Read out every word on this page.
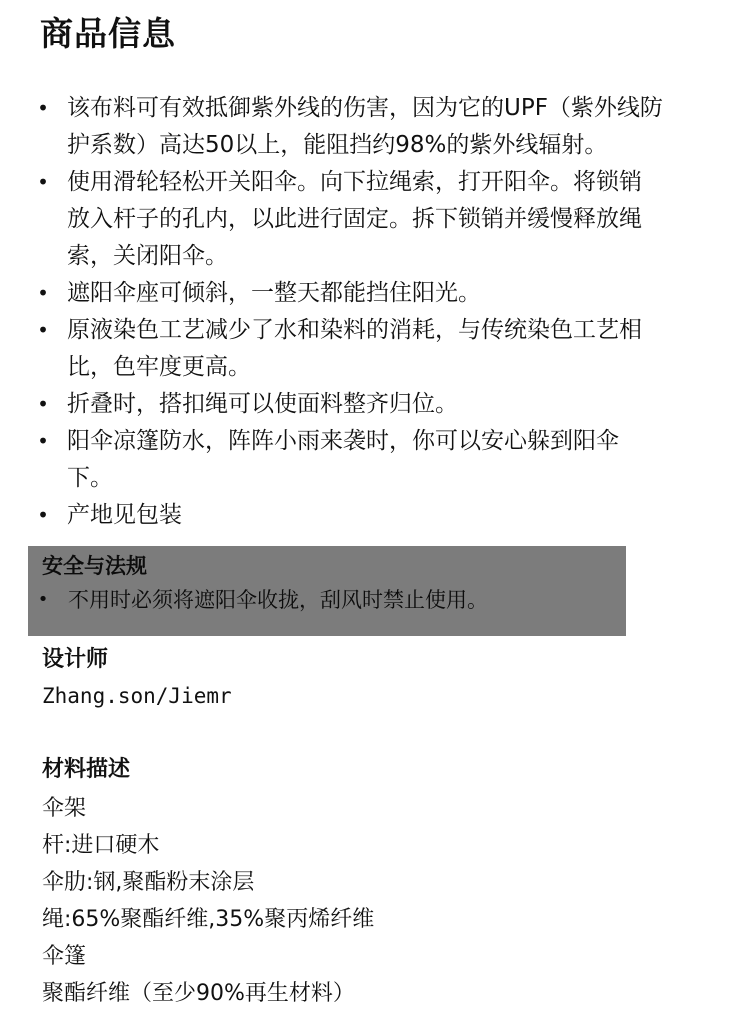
商品信息
• 该布料可有效抵御紫外线的伤害，因为它的UPF（紫外线防
护系数）高达50以上，能阻挡约98%的紫外线辐射。
• 使用滑轮轻松开关阳伞。向下拉绳索，打开阳伞。将锁销
放入杆子的孔内，以此进行固定。拆下锁销并缓慢释放绳
索，关闭阳伞。
• 遮阳伞座可倾斜，一整天都能挡住阳光。
• 原液染色工艺减少了水和染料的消耗，与传统染色工艺相
比，色牢度更高。
• 折叠时，搭扣绳可以使面料整齐归位。
• 阳伞凉篷防水，阵阵小雨来袭时，你可以安心躲到阳伞
下。
• 产地见包装
安全与法规
• 不用时必须将遮阳伞收拢，刮风时禁止使用。
设计师
Zhang.son/Jiemr
材料描述
伞架
杆:进口硬木
伞肋:钢,聚酯粉末涂层
绳:65%聚酯纤维,35%聚丙烯纤维
伞篷
聚酯纤维（至少90%再生材料）
